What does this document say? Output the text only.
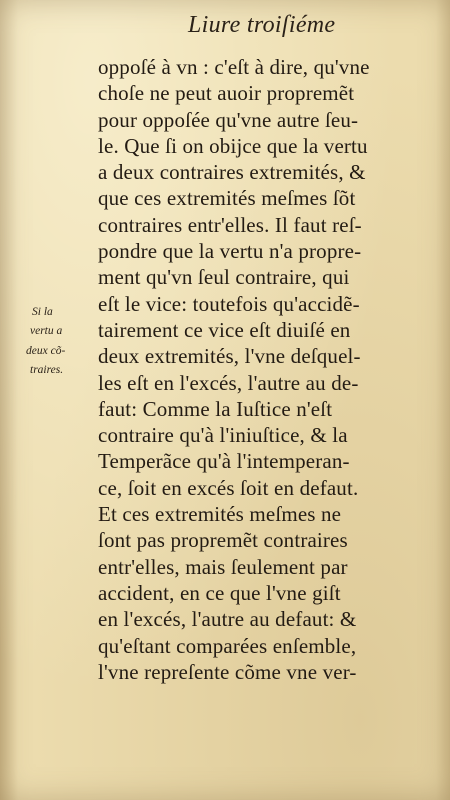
Liure troiſiéme
Si la
vertu a
deux cõ-
traires.
oppoſé à vn : c'eſt à dire, qu'vne
choſe ne peut auoir propremẽt
pour oppoſée qu'vne autre ſeu-
le. Que ſi on obijce que la vertu
a deux contraires extremités, &
que ces extremités meſmes ſõt
contraires entr'elles. Il faut reſ-
pondre que la vertu n'a propre-
ment qu'vn ſeul contraire, qui
eſt le vice: toutefois qu'accidẽ-
tairement ce vice eſt diuiſé en
deux extremités, l'vne deſquel-
les eſt en l'excés, l'autre au de-
faut: Comme la Iuſtice n'eſt
contraire qu'à l'iniuſtice, & la
Temperãce qu'à l'intemperan-
ce, ſoit en excés ſoit en defaut.
Et ces extremités meſmes ne
ſont pas propremẽt contraires
entr'elles, mais ſeulement par
accident, en ce que l'vne giſt
en l'excés, l'autre au defaut: &
qu'eſtant comparées enſemble,
l'vne repreſente cõme vne ver-
